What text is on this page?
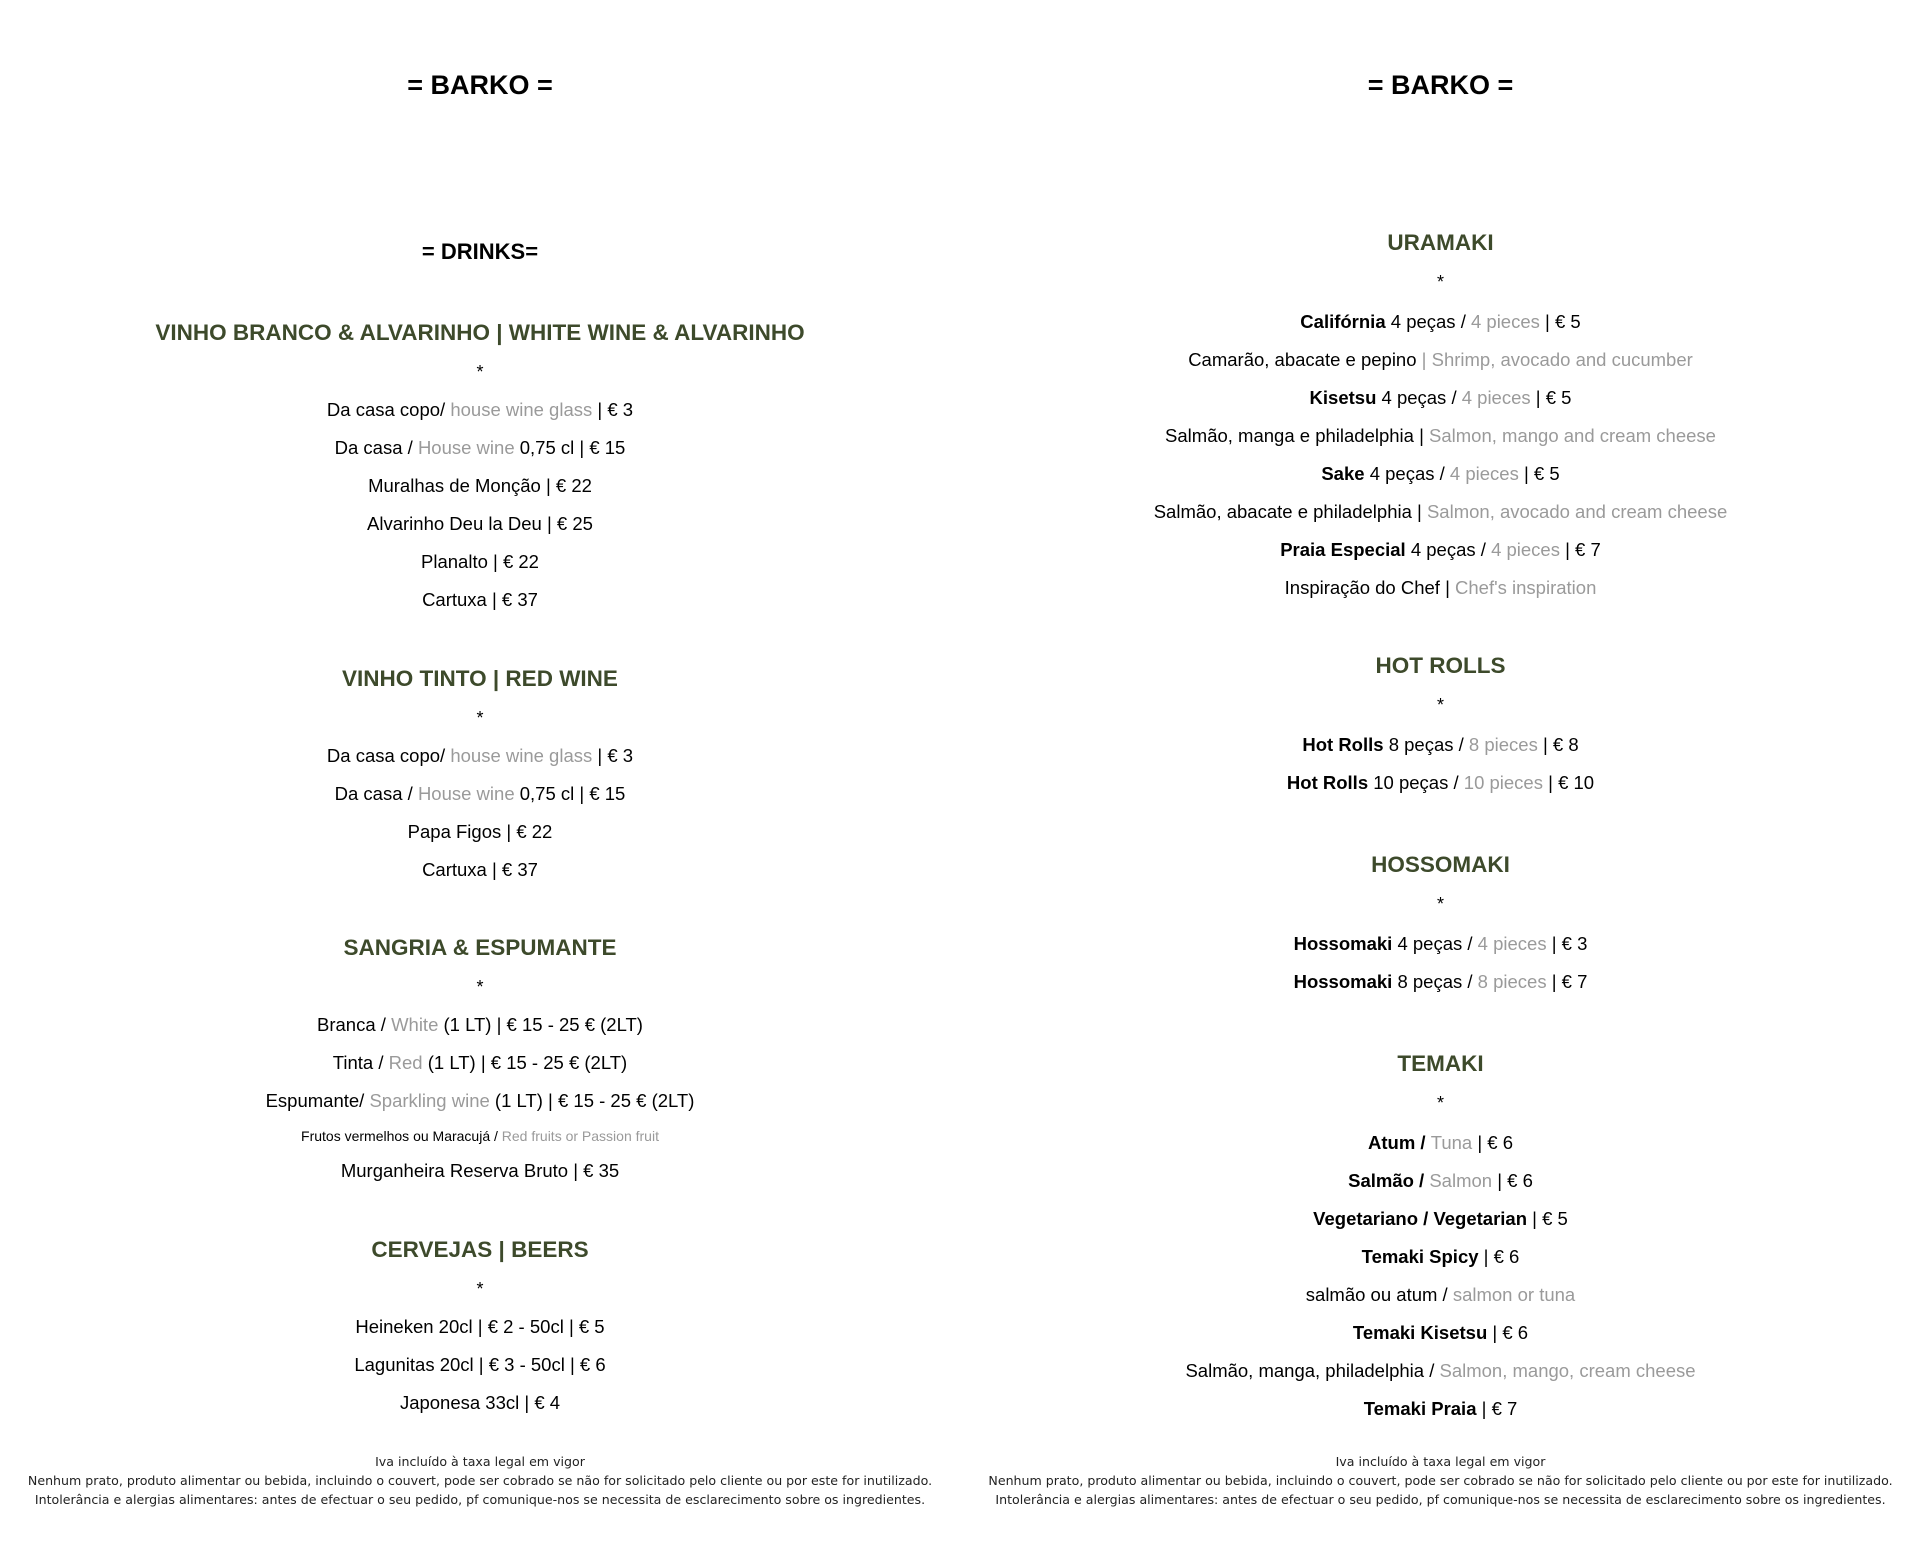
= BARKO =
= DRINKS=
VINHO BRANCO & ALVARINHO | WHITE WINE & ALVARINHO
*
Da casa copo/ house wine glass | € 3
Da casa / House wine 0,75 cl | € 15
Muralhas de Monção | € 22
Alvarinho Deu la Deu | € 25
Planalto | € 22
Cartuxa | € 37
VINHO TINTO | RED WINE
*
Da casa copo/ house wine glass | € 3
Da casa / House wine 0,75 cl | € 15
Papa Figos | € 22
Cartuxa | € 37
SANGRIA & ESPUMANTE
*
Branca / White (1 LT) | € 15 - 25 € (2LT)
Tinta / Red (1 LT) | € 15 - 25 € (2LT)
Espumante/ Sparkling wine (1 LT) | € 15 - 25 € (2LT)
Frutos vermelhos ou Maracujá / Red fruits or Passion fruit
Murganheira Reserva Bruto | € 35
CERVEJAS | BEERS
*
Heineken 20cl | € 2 - 50cl | € 5
Lagunitas 20cl | € 3 - 50cl | € 6
Japonesa 33cl | € 4
Iva incluído à taxa legal em vigor
Nenhum prato, produto alimentar ou bebida, incluindo o couvert, pode ser cobrado se não for solicitado pelo cliente ou por este for inutilizado.
Intolerância e alergias alimentares: antes de efectuar o seu pedido, pf comunique-nos se necessita de esclarecimento sobre os ingredientes.
= BARKO =
URAMAKI
*
Califórnia 4 peças / 4 pieces | € 5
Camarão, abacate e pepino | Shrimp, avocado and cucumber
Kisetsu 4 peças / 4 pieces | € 5
Salmão, manga e philadelphia | Salmon, mango and cream cheese
Sake 4 peças / 4 pieces | € 5
Salmão, abacate e philadelphia | Salmon, avocado and cream cheese
Praia Especial 4 peças / 4 pieces | € 7
Inspiração do Chef | Chef's inspiration
HOT ROLLS
*
Hot Rolls 8 peças / 8 pieces | € 8
Hot Rolls 10 peças / 10 pieces | € 10
HOSSOMAKI
*
Hossomaki 4 peças / 4 pieces | € 3
Hossomaki 8 peças / 8 pieces | € 7
TEMAKI
*
Atum / Tuna | € 6
Salmão / Salmon | € 6
Vegetariano / Vegetarian | € 5
Temaki Spicy | € 6
salmão ou atum / salmon or tuna
Temaki Kisetsu | € 6
Salmão, manga, philadelphia / Salmon, mango, cream cheese
Temaki Praia | € 7
Iva incluído à taxa legal em vigor
Nenhum prato, produto alimentar ou bebida, incluindo o couvert, pode ser cobrado se não for solicitado pelo cliente ou por este for inutilizado.
Intolerância e alergias alimentares: antes de efectuar o seu pedido, pf comunique-nos se necessita de esclarecimento sobre os ingredientes.
